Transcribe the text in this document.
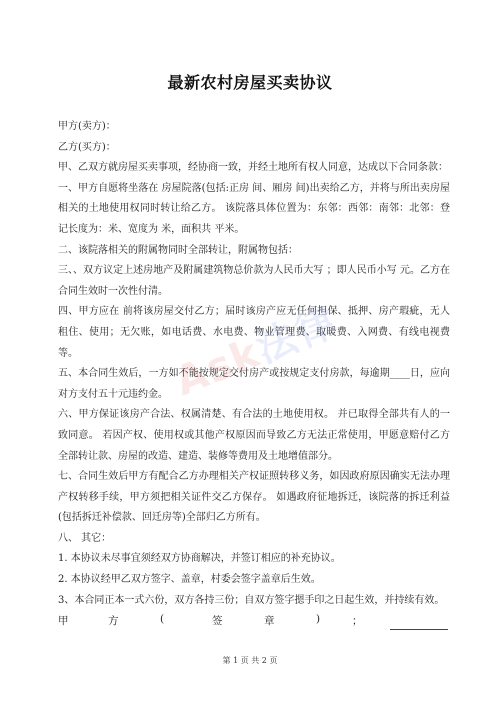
最新农村房屋买卖协议

甲方(卖方)：

乙方(买方)：

甲、乙双方就房屋买卖事项，经协商一致，并经土地所有权人同意，达成以下合同条款：

一、甲方自愿将坐落在 房屋院落(包括:正房 间、厢房 间)出卖给乙方，并将与所出卖房屋相关的土地使用权同时转让给乙方。 该院落具体位置为：东邻：西邻：南邻：北邻：登记长度为：米、宽度为 米，面积共 平米。

二、该院落相关的附属物同时全部转让，附属物包括：

三、、双方议定上述房地产及附属建筑物总价款为人民币大写 ；即人民币小写 元。乙方在合同生效时一次性付清。

四、甲方应在 前将该房屋交付乙方；届时该房产应无任何担保、抵押、房产瑕疵，无人租住、使用；无欠账，如电话费、水电费、物业管理费、取暖费、入网费、有线电视费等。

五、本合同生效后，一方如不能按规定交付房产或按规定支付房款，每逾期____日，应向对方支付五十元违约金。

六、甲方保证该房产合法、权属清楚、有合法的土地使用权。 并已取得全部共有人的一致同意。 若因产权、使用权或其他产权原因而导致乙方无法正常使用，甲愿意赔付乙方全部转让款、房屋的改造、建造、装修等费用及土地增值部分。

七、合同生效后甲方有配合乙方办理相关产权证照转移义务，如因政府原因确实无法办理产权转移手续，甲方须把相关证件交乙方保存。 如遇政府征地拆迁，该院落的拆迁利益(包括拆迁补偿款、回迁房等)全部归乙方所有。

八、 其它：

1. 本协议未尽事宜须经双方协商解决，并签订相应的补充协议。

2. 本协议经甲乙双方签字、盖章，村委会签字盖章后生效。

3、本合同正本一式六份，双方各持三份；自双方签字摁手印之日起生效，并持续有效。

甲	方	(	签	章	)	；
第 1 页 共 2 页
Ask法律
